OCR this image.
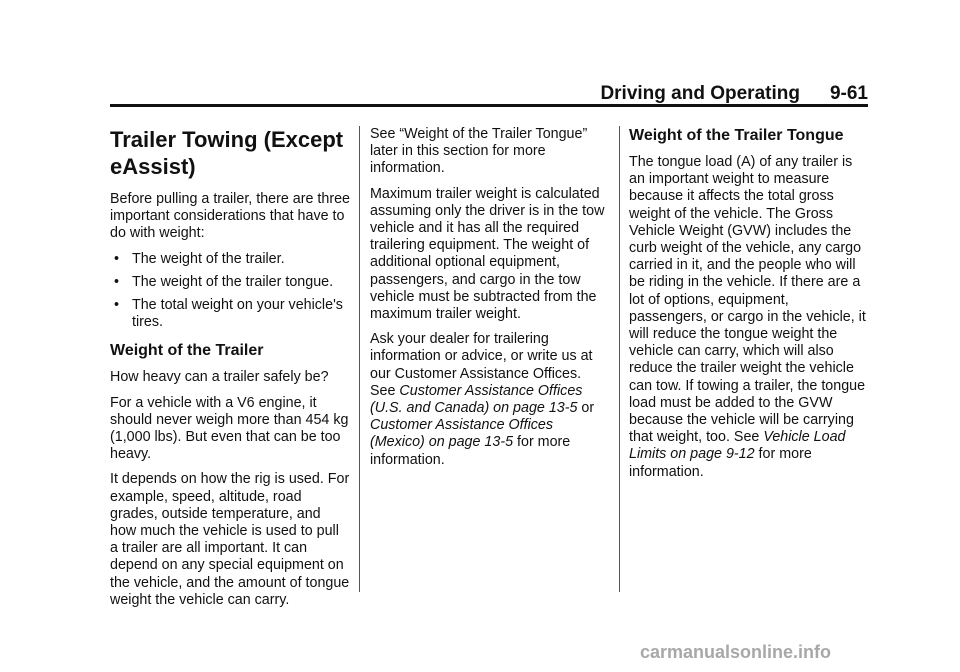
Driving and Operating 9-61
Trailer Towing (Except eAssist)

Before pulling a trailer, there are three important considerations that have to do with weight:

• The weight of the trailer.
• The weight of the trailer tongue.
• The total weight on your vehicle's tires.
Weight of the Trailer

How heavy can a trailer safely be?

For a vehicle with a V6 engine, it should never weigh more than 454 kg (1,000 lbs). But even that can be too heavy.

It depends on how the rig is used. For example, speed, altitude, road grades, outside temperature, and how much the vehicle is used to pull a trailer are all important. It can depend on any special equipment on the vehicle, and the amount of tongue weight the vehicle can carry.

See “Weight of the Trailer Tongue” later in this section for more information.

Maximum trailer weight is calculated assuming only the driver is in the tow vehicle and it has all the required trailering equipment. The weight of additional optional equipment, passengers, and cargo in the tow vehicle must be subtracted from the maximum trailer weight.

Ask your dealer for trailering information or advice, or write us at our Customer Assistance Offices. See Customer Assistance Offices (U.S. and Canada) on page 13-5 or Customer Assistance Offices (Mexico) on page 13-5 for more information.

Weight of the Trailer Tongue

The tongue load (A) of any trailer is an important weight to measure because it affects the total gross weight of the vehicle. The Gross Vehicle Weight (GVW) includes the curb weight of the vehicle, any cargo carried in it, and the people who will be riding in the vehicle. If there are a lot of options, equipment, passengers, or cargo in the vehicle, it will reduce the tongue weight the vehicle can carry, which will also reduce the trailer weight the vehicle can tow. If towing a trailer, the tongue load must be added to the GVW because the vehicle will be carrying that weight, too. See Vehicle Load Limits on page 9-12 for more information.

carmanualsonline.info
